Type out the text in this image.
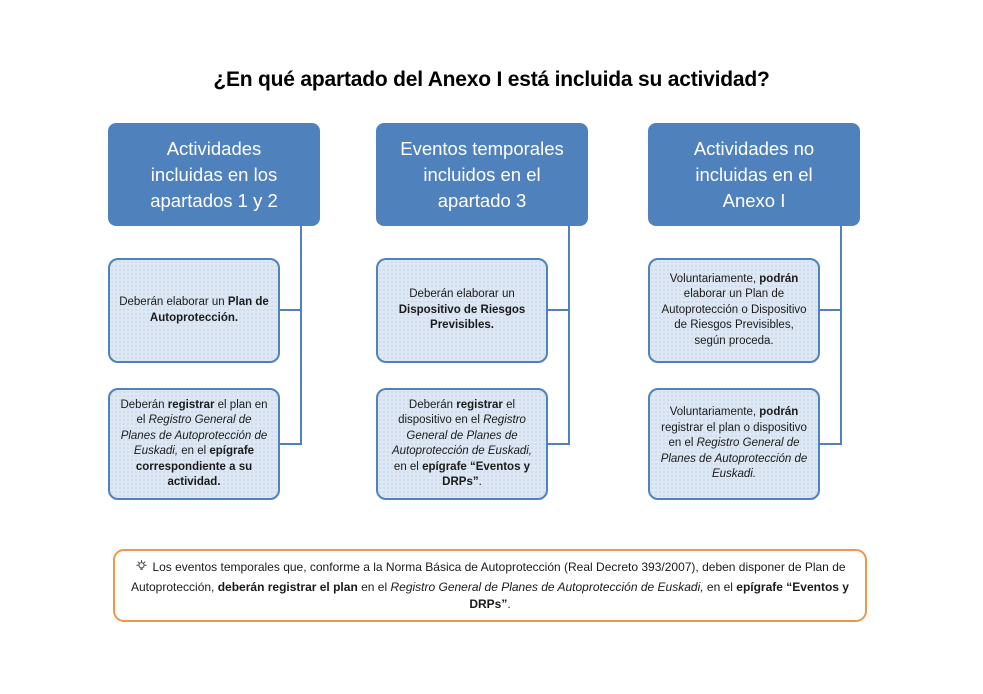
¿En qué apartado del Anexo I está incluida su actividad?
Actividades
incluidas en los
apartados 1 y 2
Deberán elaborar un Plan de Autoprotección.
Deberán registrar el plan en el Registro General de Planes de Autoprotección de Euskadi, en el epígrafe correspondiente a su actividad.
Eventos temporales
incluidos en el
apartado 3
Deberán elaborar un Dispositivo de Riesgos Previsibles.
Deberán registrar el dispositivo en el Registro General de Planes de Autoprotección de Euskadi, en el epígrafe “Eventos y DRPs”.
Actividades no
incluidas en el
Anexo I
Voluntariamente, podrán elaborar un Plan de Autoprotección o Dispositivo de Riesgos Previsibles, según proceda.
Voluntariamente, podrán registrar el plan o dispositivo en el Registro General de Planes de Autoprotección de Euskadi.
Los eventos temporales que, conforme a la Norma Básica de Autoprotección (Real Decreto 393/2007), deben disponer de Plan de Autoprotección, deberán registrar el plan en el Registro General de Planes de Autoprotección de Euskadi, en el epígrafe “Eventos y DRPs”.
